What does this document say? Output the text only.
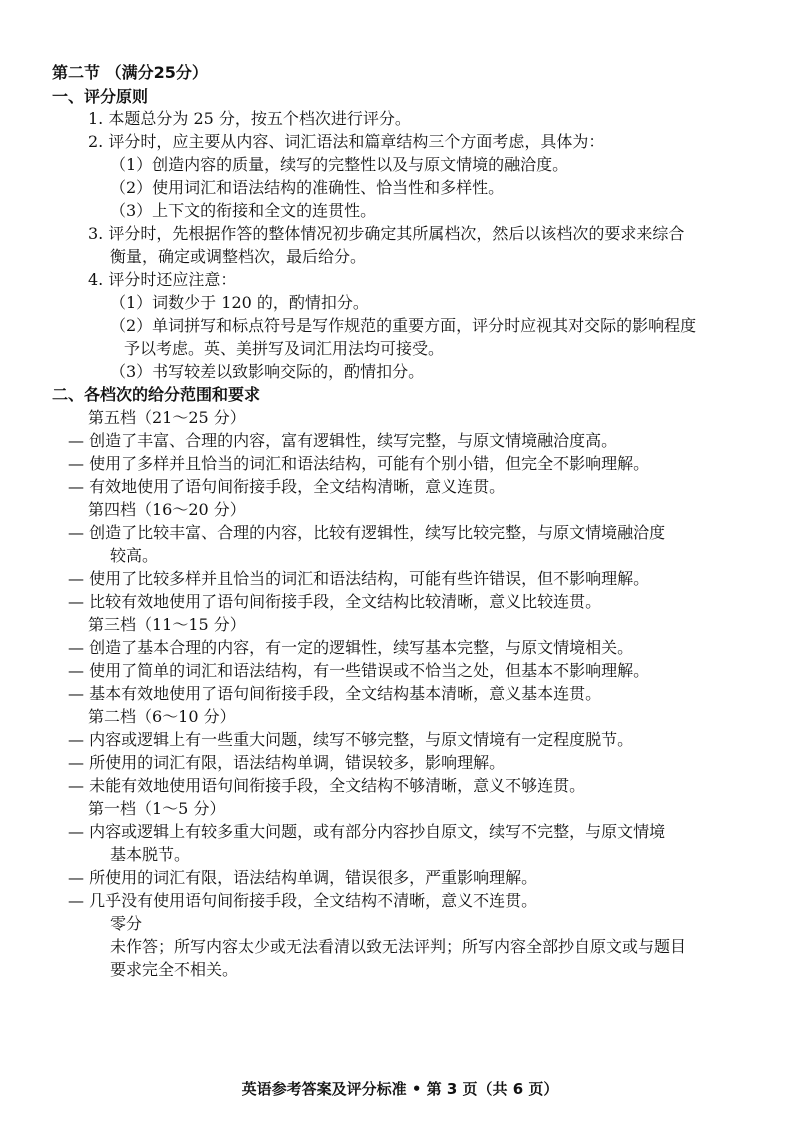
第二节 （满分25分）
一、评分原则
1. 本题总分为 25 分，按五个档次进行评分。
2. 评分时，应主要从内容、词汇语法和篇章结构三个方面考虑，具体为：
（1）创造内容的质量，续写的完整性以及与原文情境的融洽度。
（2）使用词汇和语法结构的准确性、恰当性和多样性。
（3）上下文的衔接和全文的连贯性。
3. 评分时，先根据作答的整体情况初步确定其所属档次，然后以该档次的要求来综合
衡量，确定或调整档次，最后给分。
4. 评分时还应注意：
（1）词数少于 120 的，酌情扣分。
（2）单词拼写和标点符号是写作规范的重要方面，评分时应视其对交际的影响程度
予以考虑。英、美拼写及词汇用法均可接受。
（3）书写较差以致影响交际的，酌情扣分。
二、各档次的给分范围和要求
第五档（21～25 分）
— 创造了丰富、合理的内容，富有逻辑性，续写完整，与原文情境融洽度高。
— 使用了多样并且恰当的词汇和语法结构，可能有个别小错，但完全不影响理解。
— 有效地使用了语句间衔接手段，全文结构清晰，意义连贯。
第四档（16～20 分）
— 创造了比较丰富、合理的内容，比较有逻辑性，续写比较完整，与原文情境融洽度
较高。
— 使用了比较多样并且恰当的词汇和语法结构，可能有些许错误，但不影响理解。
— 比较有效地使用了语句间衔接手段，全文结构比较清晰，意义比较连贯。
第三档（11～15 分）
— 创造了基本合理的内容，有一定的逻辑性，续写基本完整，与原文情境相关。
— 使用了简单的词汇和语法结构，有一些错误或不恰当之处，但基本不影响理解。
— 基本有效地使用了语句间衔接手段，全文结构基本清晰，意义基本连贯。
第二档（6～10 分）
— 内容或逻辑上有一些重大问题，续写不够完整，与原文情境有一定程度脱节。
— 所使用的词汇有限，语法结构单调，错误较多，影响理解。
— 未能有效地使用语句间衔接手段，全文结构不够清晰，意义不够连贯。
第一档（1～5 分）
— 内容或逻辑上有较多重大问题，或有部分内容抄自原文，续写不完整，与原文情境
基本脱节。
— 所使用的词汇有限，语法结构单调，错误很多，严重影响理解。
— 几乎没有使用语句间衔接手段，全文结构不清晰，意义不连贯。
零分
未作答；所写内容太少或无法看清以致无法评判；所写内容全部抄自原文或与题目
要求完全不相关。
英语参考答案及评分标准 • 第 3 页（共 6 页）
